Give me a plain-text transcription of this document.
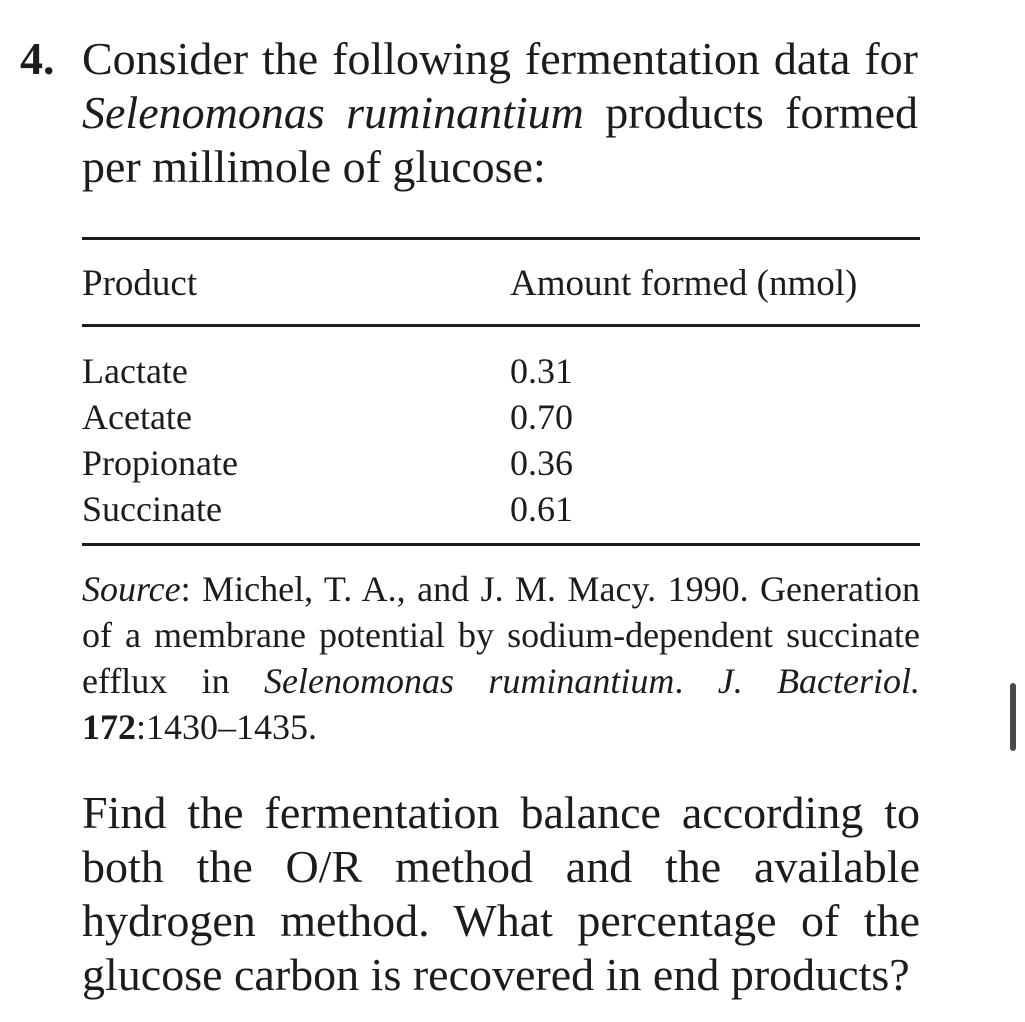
4. Consider the following fermentation data for Selenomonas ruminantium products formed per millimole of glucose:
Product	Amount formed (nmol)
Lactate	0.31
Acetate	0.70
Propionate	0.36
Succinate	0.61
Source: Michel, T. A., and J. M. Macy. 1990. Generation of a membrane potential by sodium-dependent succinate efflux in Selenomonas ruminantium. J. Bacteriol. 172:1430–1435.
Find the fermentation balance according to both the O/R method and the available hydrogen method. What percentage of the glucose carbon is recovered in end products?
